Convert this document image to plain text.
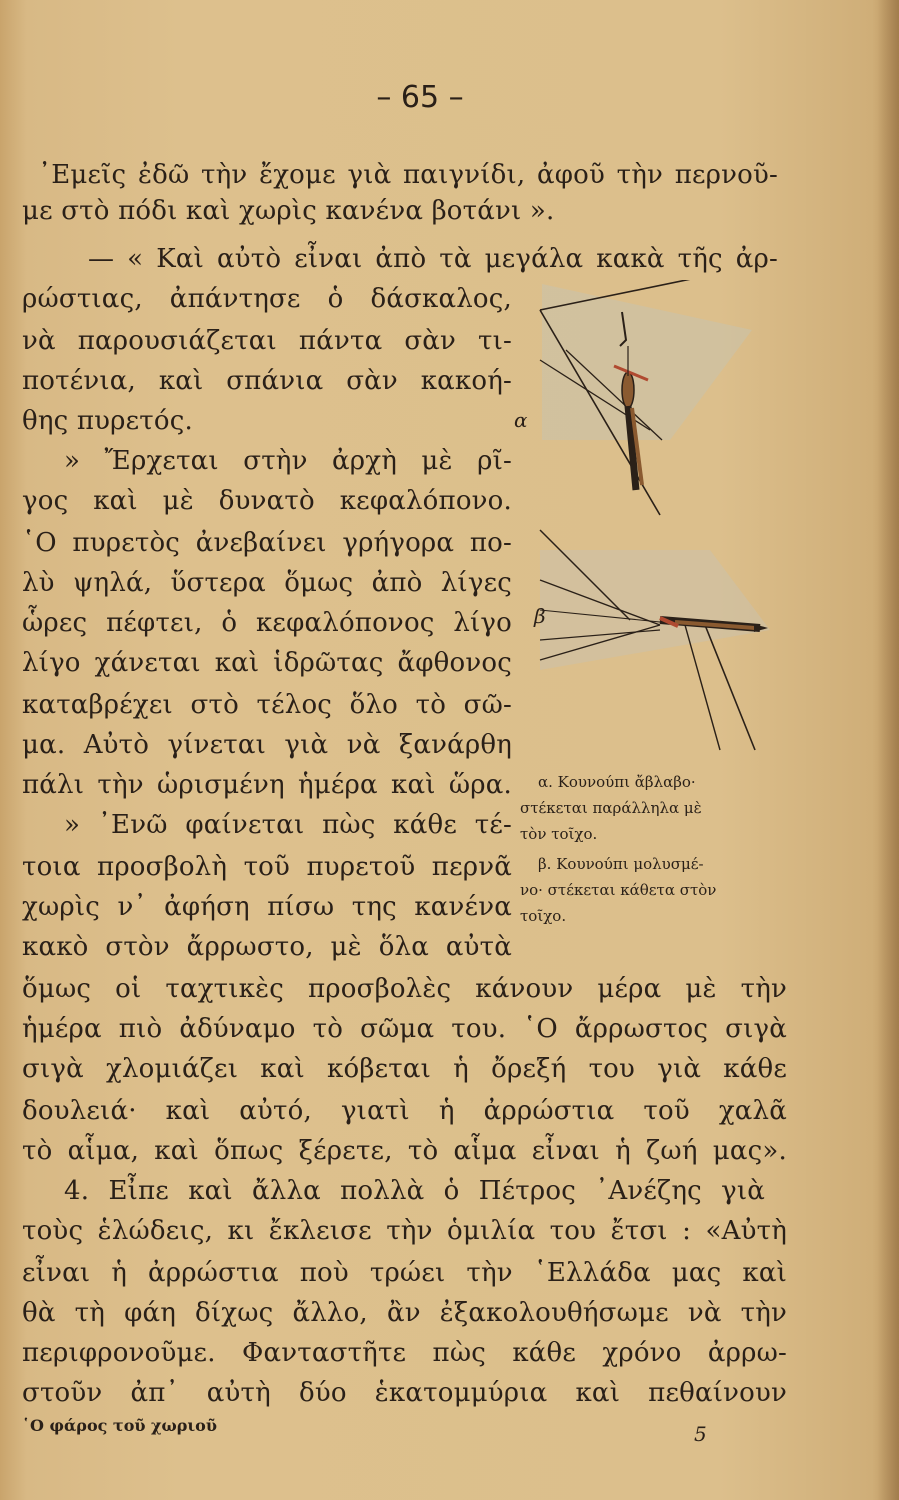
– 65 –
᾿Εμεῖς ἐδῶ τὴν ἔχομε γιὰ παιγνίδι, ἀφοῦ τὴν περνοῦ-
με στὸ πόδι καὶ χωρὶς κανένα βοτάνι ».
— « Καὶ αὐτὸ εἶναι ἀπὸ τὰ μεγάλα κακὰ τῆς ἀρ-
ρώστιας, ἀπάντησε ὁ δάσκαλος,
νὰ παρουσιάζεται πάντα σὰν τι-
ποτένια, καὶ σπάνια σὰν κακοή-
θης πυρετός.
» Ἔρχεται στὴν ἀρχὴ μὲ ρῖ-
γος καὶ μὲ δυνατὸ κεφαλόπονο.
῾Ο πυρετὸς ἀνεβαίνει γρήγορα πο-
λὺ ψηλά, ὕστερα ὅμως ἀπὸ λίγες
ὧρες πέφτει, ὁ κεφαλόπονος λίγο
λίγο χάνεται καὶ ἱδρῶτας ἄφθονος
καταβρέχει στὸ τέλος ὅλο τὸ σῶ-
μα. Αὐτὸ γίνεται γιὰ νὰ ξανάρθη
πάλι τὴν ὡρισμένη ἡμέρα καὶ ὥρα.
» ᾿Ενῶ φαίνεται πὼς κάθε τέ-
τοια προσβολὴ τοῦ πυρετοῦ περνᾶ
χωρὶς ν᾿ ἀφήση πίσω της κανένα
κακὸ στὸν ἄρρωστο, μὲ ὅλα αὐτὰ
ὅμως οἱ ταχτικὲς προσβολὲς κάνουν μέρα μὲ τὴν
ἡμέρα πιὸ ἀδύναμο τὸ σῶμα του. ῾Ο ἄρρωστος σιγὰ
σιγὰ χλομιάζει καὶ κόβεται ἡ ὄρεξή του γιὰ κάθε
δουλειά· καὶ αὐτό, γιατὶ ἡ ἀρρώστια τοῦ χαλᾶ
τὸ αἷμα, καὶ ὅπως ξέρετε, τὸ αἷμα εἶναι ἡ ζωή μας».
4. Εἶπε καὶ ἄλλα πολλὰ ὁ Πέτρος ᾿Ανέζης γιὰ
τοὺς ἑλώδεις, κι ἔκλεισε τὴν ὁμιλία του ἔτσι : «Αὐτὴ
εἶναι ἡ ἀρρώστια ποὺ τρώει τὴν ῾Ελλάδα μας καὶ
θὰ τὴ φάη δίχως ἄλλο, ἂν ἐξακολουθήσωμε νὰ τὴν
περιφρονοῦμε. Φανταστῆτε πὼς κάθε χρόνο ἀρρω-
στοῦν ἀπ᾿ αὐτὴ δύο ἑκατομμύρια καὶ πεθαίνουν
α
β
α. Κουνούπι ἄβλαβο·
στέκεται παράλληλα μὲ
τὸν τοῖχο.
β. Κουνούπι μολυσμέ-
νο· στέκεται κάθετα στὸν
τοῖχο.
῾Ο φάρος τοῦ χωριοῦ	5
